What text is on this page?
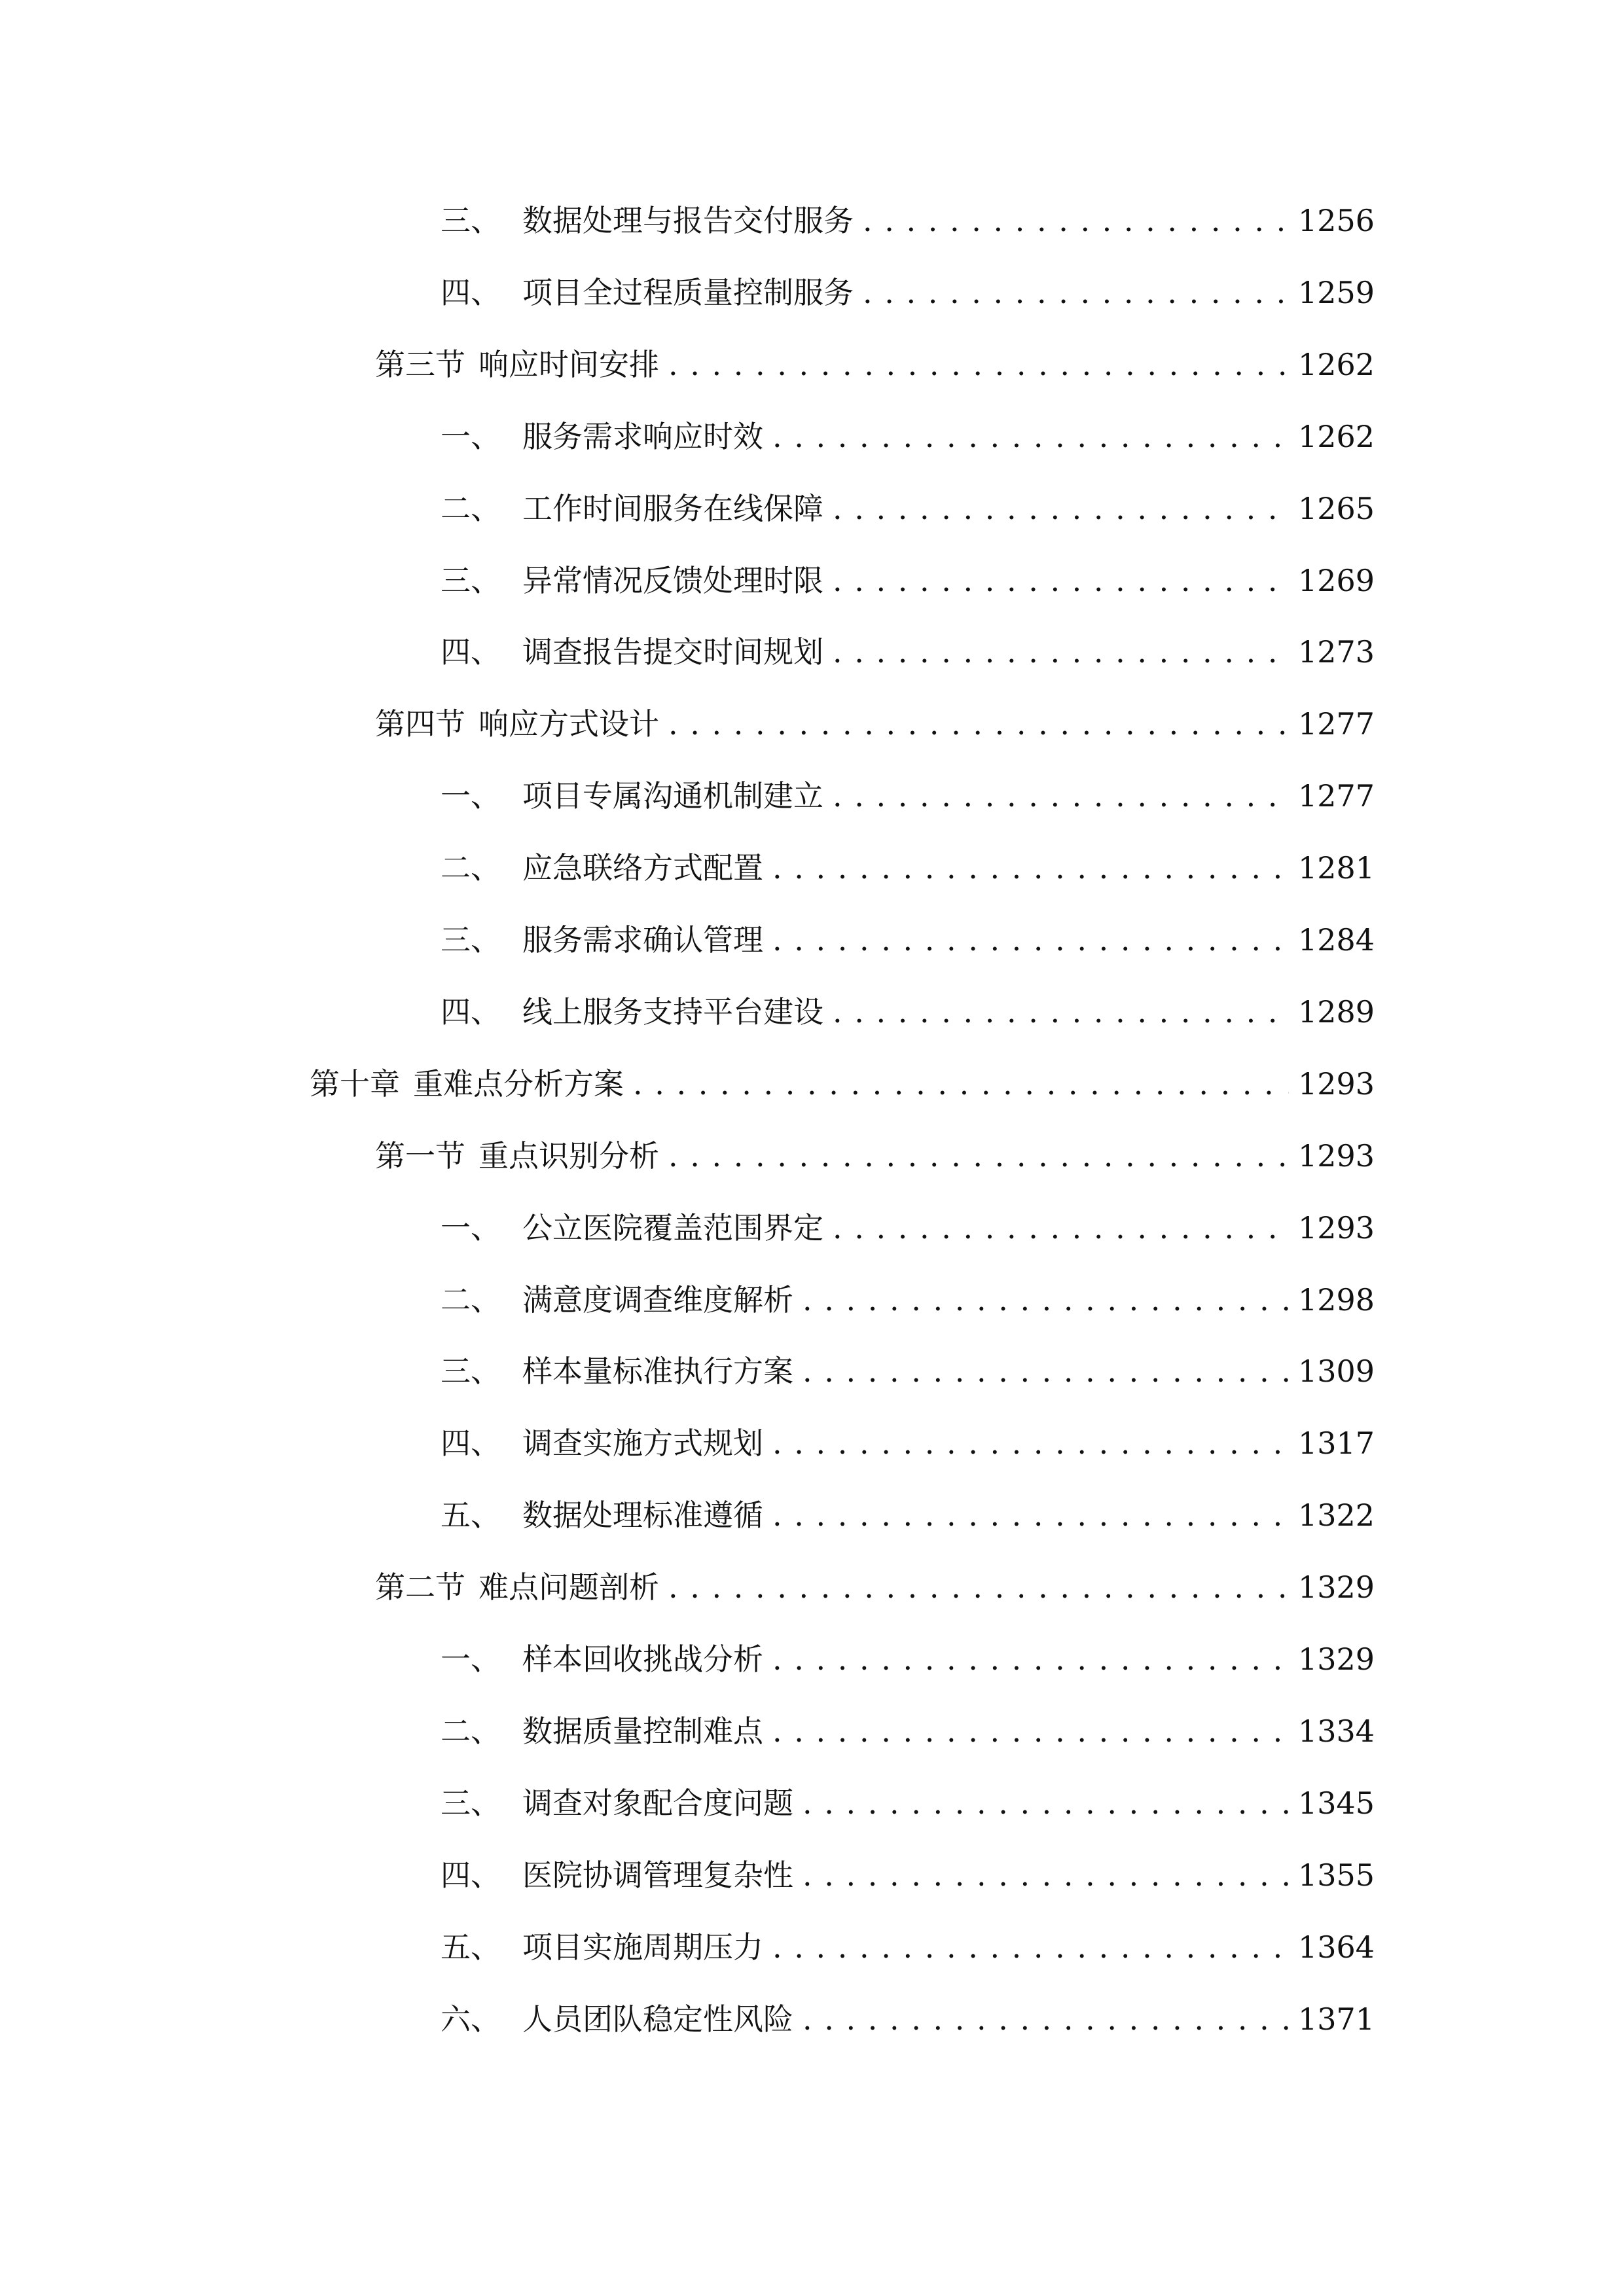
三、 数据处理与报告交付服务 . . .	1256
四、 项目全过程质量控制服务 . . .	1259
第三节 响应时间安排 . . .	1262
一、 服务需求响应时效 . . .	1262
二、 工作时间服务在线保障 . . .	1265
三、 异常情况反馈处理时限 . . .	1269
四、 调查报告提交时间规划 . . .	1273
第四节 响应方式设计 . . .	1277
一、 项目专属沟通机制建立 . . .	1277
二、 应急联络方式配置 . . .	1281
三、 服务需求确认管理 . . .	1284
四、 线上服务支持平台建设 . . .	1289
第十章 重难点分析方案 . . .	1293
第一节 重点识别分析 . . .	1293
一、 公立医院覆盖范围界定 . . .	1293
二、 满意度调查维度解析 . . .	1298
三、 样本量标准执行方案 . . .	1309
四、 调查实施方式规划 . . .	1317
五、 数据处理标准遵循 . . .	1322
第二节 难点问题剖析 . . .	1329
一、 样本回收挑战分析 . . .	1329
二、 数据质量控制难点 . . .	1334
三、 调查对象配合度问题 . . .	1345
四、 医院协调管理复杂性 . . .	1355
五、 项目实施周期压力 . . .	1364
六、 人员团队稳定性风险 . . .	1371
